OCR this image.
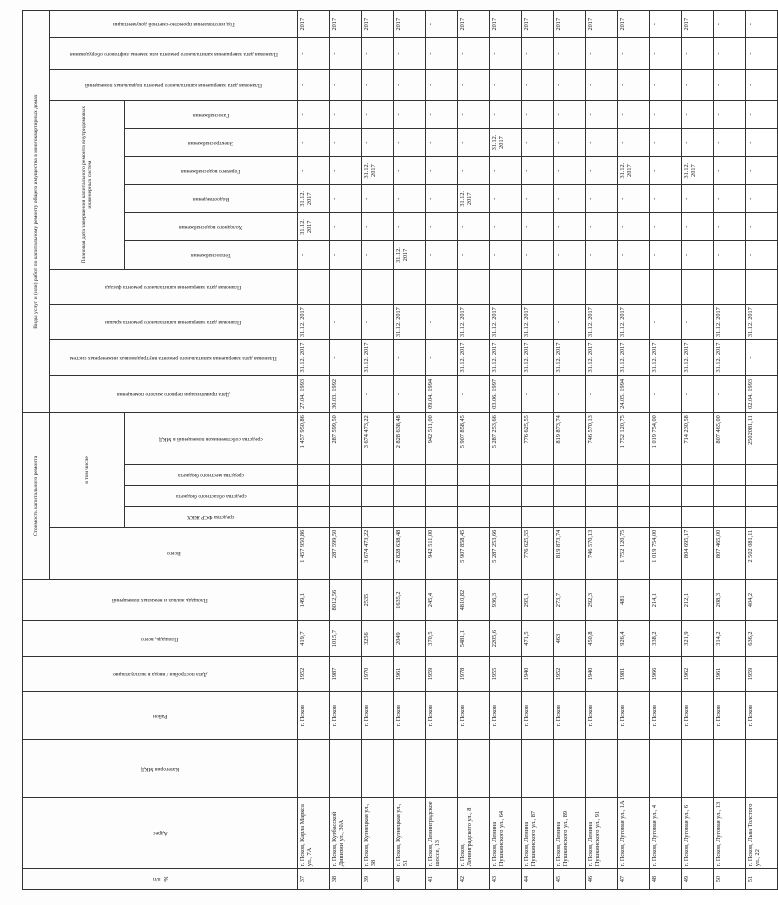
№ п/п	Адрес	Категория МКД	Район	Дата постройки / ввода в эксплуатацию	Площадь, всего	Площадь жилых и нежилых помещений	Стоимость капитального ремонта					Виды услуг и (или) работ по капитальному ремонту общего имущества в многоквартирных домах												

							Всего	в том числе				Дата приватизации первого жилого помещения	Плановая дата завершения капитального ремонта внутридомовых инженерных систем	Плановая дата завершения капитального ремонта крыши	Плановая дата завершения капитального ремонта фасада	Плановая дата завершения капитального ремонта внутридомовых инженерных систем						Плановая дата завершения капитального ремонта подвальных помещений	Плановая дата завершения капитального ремонта или замены лифтового оборудования	Год изготовления проектно-сметной документации

								средства ФСР ЖКХ	средства областного бюджета	средства местного бюджета	средства собственников помещений в МКД					Теплоснабжения	Холодного водоснабжения	Водоотведения	Горячего водоснабжения	Электроснабжения	Газоснабжения			

37	г. Псков, Карла Маркса ул., 7А		г. Псков	1952	419,7	149,1	1 457 950,86				1 457 950,86	27.04. 1993	31.12. 2017	31.12. 2017		-	31.12. 2017	31.12. 2017	-	-	-	-	-	2017
38	г. Псков, Кузбасской Дивизии ул., 30А		г. Псков	1987	1015,7	8012,56	287 599,50				287 599,50	30.03. 1992	-	-		-	-	-	-	-	-	-	-	2017
39	г. Псков, Кузнецкая ул., 38		г. Псков	1970	3256	2535	3 674 473,22				3 674 473,22	-	31.12. 2017	-		-	-	-	31.12. 2017	-	-	-	-	2017
40	г. Псков, Кузнецкая ул., 51		г. Псков	1961	2049	1635,2	2 828 638,48				2 828 638,48	-	-	31.12. 2017		31.12. 2017	-	-	-	-	-	-	-	2017
41	г. Псков, Ленинградское шоссе, 13		г. Псков	1959	370,5	245,4	942 511,00				942 511,00	09.04. 1994	-	-		-	-	-	-	-	-	-	-	-
42	г. Псков, Ленинградского ул., 8		г. Псков	1978	5481,1	4810,82	5 907 858,45				5 907 858,45	-	31.12. 2017	31.12. 2017		-	-	31.12. 2017	-	-	-	-	-	2017
43	г. Псков, Ленина Пушкинского ул., 64		г. Псков	1955	2205,6	936,3	5 287 253,66				5 287 253,66	03.06. 1997	31.12. 2017	31.12. 2017		-	-	-	-	31.12. 2017	-	-	-	2017
44	г. Псков, Ленина Пушкинского ул., 87		г. Псков	1940	471,5	295,1	776 625,55				776 625,55	-	31.12. 2017	31.12. 2017		-	-	-	-	-	-	-	-	2017
45	г. Псков, Ленина Пушкинского ул., 89		г. Псков	1952	463	273,7	819 873,74				819 873,74	-	31.12. 2017	-		-	-	-	-	-	-	-	-	2017
46	г. Псков, Ленина Пушкинского ул., 91		г. Псков	1940	450,8	292,3	746 570,13				746 570,13	-	31.12. 2017	31.12. 2017		-	-	-	-	-	-	-	-	2017
47	г. Псков, Луговая ул., 1А		г. Псков	1981	926,4	481	1 752 120,75				1 752 120,75	24.05. 1994	31.12. 2017	31.12. 2017		-	-	-	31.12. 2017	-	-	-	-	2017
48	г. Псков, Луговая ул., 4		г. Псков	1966	338,2	214,1	1 019 754,00				1 019 754,00	-	31.12. 2017	-		-	-	-	-	-	-	-	-	-
49	г. Псков, Луговая ул., 6		г. Псков	1962	321,9	212,1	804 695,17				714 230,58	-	31.12. 2017	-		-	-	-	31.12. 2017	-	-	-	-	2017
50	г. Псков, Луговая ул., 13		г. Псков	1961	314,2	208,3	807 465,00				807 465,00	-	31.12. 2017	31.12. 2017		-	-	-	-	-	-	-	-	-
51	г. Псков, Льва Толстого ул., 22		г. Псков	1959	636,2	404,2	2 502 081,11				2502081,11	02.04. 1993	-	31.12. 2017		-	-	-	-	-	-	-	-	-
